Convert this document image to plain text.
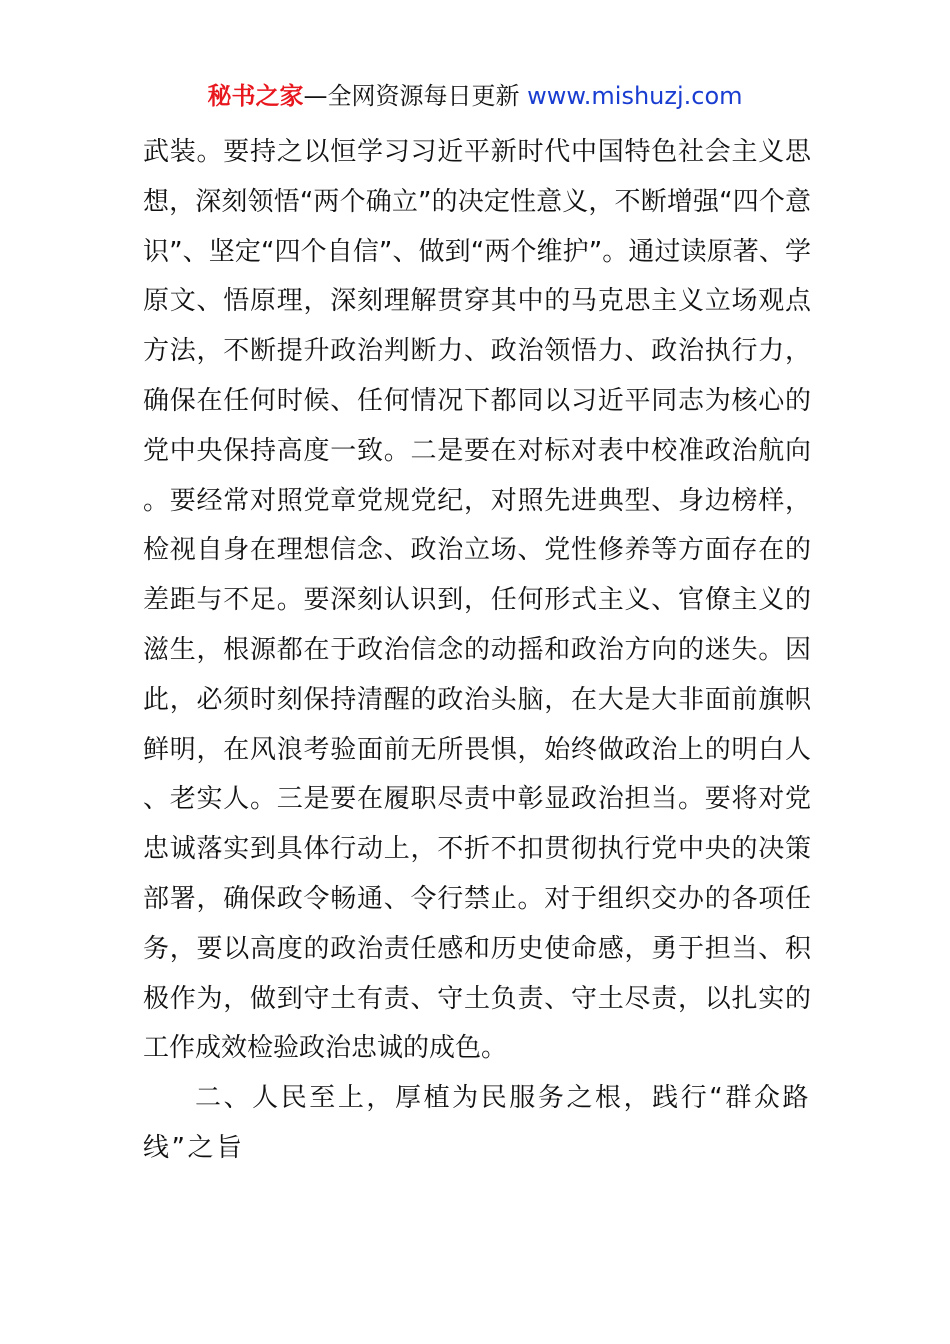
秘书之家—全网资源每日更新 www.mishuzj.com

武装。要持之以恒学习习近平新时代中国特色社会主义思想，深刻领悟“两个确立”的决定性意义，不断增强“四个意识”、坚定“四个自信”、做到“两个维护”。通过读原著、学原文、悟原理，深刻理解贯穿其中的马克思主义立场观点方法，不断提升政治判断力、政治领悟力、政治执行力，确保在任何时候、任何情况下都同以习近平同志为核心的党中央保持高度一致。二是要在对标对表中校准政治航向。要经常对照党章党规党纪，对照先进典型、身边榜样，检视自身在理想信念、政治立场、党性修养等方面存在的差距与不足。要深刻认识到，任何形式主义、官僚主义的滋生，根源都在于政治信念的动摇和政治方向的迷失。因此，必须时刻保持清醒的政治头脑，在大是大非面前旗帜鲜明，在风浪考验面前无所畏惧，始终做政治上的明白人、老实人。三是要在履职尽责中彰显政治担当。要将对党忠诚落实到具体行动上，不折不扣贯彻执行党中央的决策部署，确保政令畅通、令行禁止。对于组织交办的各项任务，要以高度的政治责任感和历史使命感，勇于担当、积极作为，做到守土有责、守土负责、守土尽责，以扎实的工作成效检验政治忠诚的成色。

二、人民至上，厚植为民服务之根，践行“群众路线”之旨
